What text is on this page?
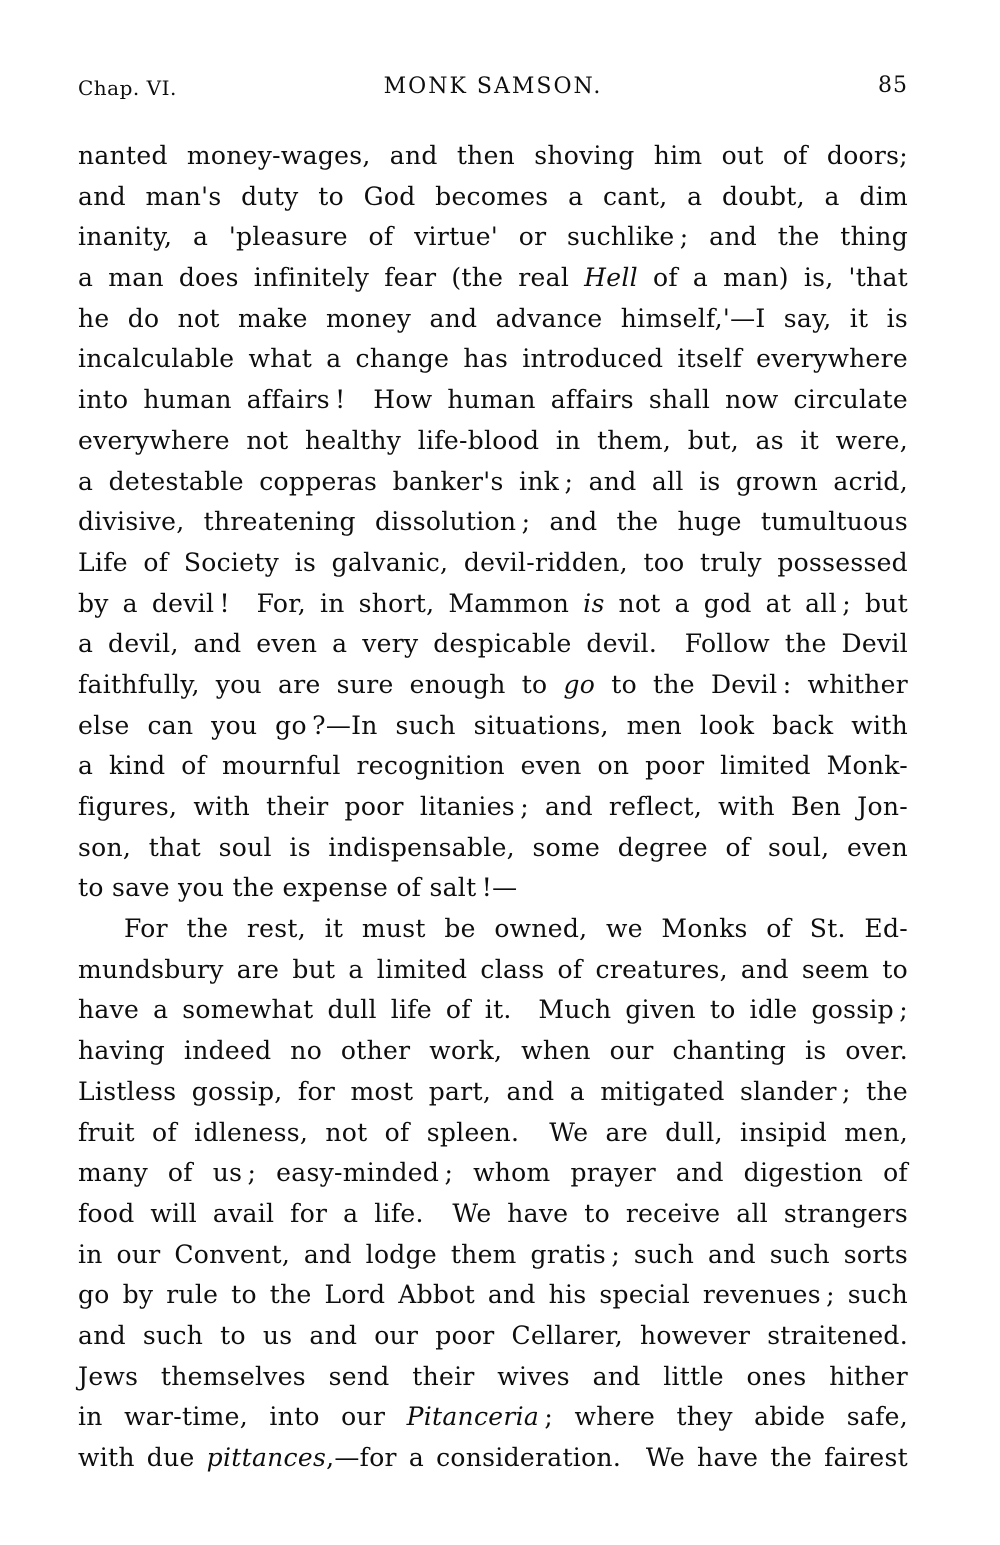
Chap. VI.	MONK SAMSON.	85
nanted money-wages, and then shoving him out of doors;
and man's duty to God becomes a cant, a doubt, a dim
inanity, a 'pleasure of virtue' or suchlike ; and the thing
a man does infinitely fear (the real Hell of a man) is, 'that
he do not make money and advance himself,'—I say, it is
incalculable what a change has introduced itself everywhere
into human affairs !  How human affairs shall now circulate
everywhere not healthy life-blood in them, but, as it were,
a detestable copperas banker's ink ; and all is grown acrid,
divisive, threatening dissolution ; and the huge tumultuous
Life of Society is galvanic, devil-ridden, too truly possessed
by a devil !  For, in short, Mammon is not a god at all ; but
a devil, and even a very despicable devil.  Follow the Devil
faithfully, you are sure enough to go to the Devil : whither
else can you go ?—In such situations, men look back with
a kind of mournful recognition even on poor limited Monk-
figures, with their poor litanies ; and reflect, with Ben Jon-
son, that soul is indispensable, some degree of soul, even
to save you the expense of salt !—
For the rest, it must be owned, we Monks of St. Ed-
mundsbury are but a limited class of creatures, and seem to
have a somewhat dull life of it.  Much given to idle gossip ;
having indeed no other work, when our chanting is over.
Listless gossip, for most part, and a mitigated slander ; the
fruit of idleness, not of spleen.  We are dull, insipid men,
many of us ; easy-minded ; whom prayer and digestion of
food will avail for a life.  We have to receive all strangers
in our Convent, and lodge them gratis ; such and such sorts
go by rule to the Lord Abbot and his special revenues ; such
and such to us and our poor Cellarer, however straitened.
Jews themselves send their wives and little ones hither
in war-time, into our Pitanceria ; where they abide safe,
with due pittances,—for a consideration.  We have the fairest
